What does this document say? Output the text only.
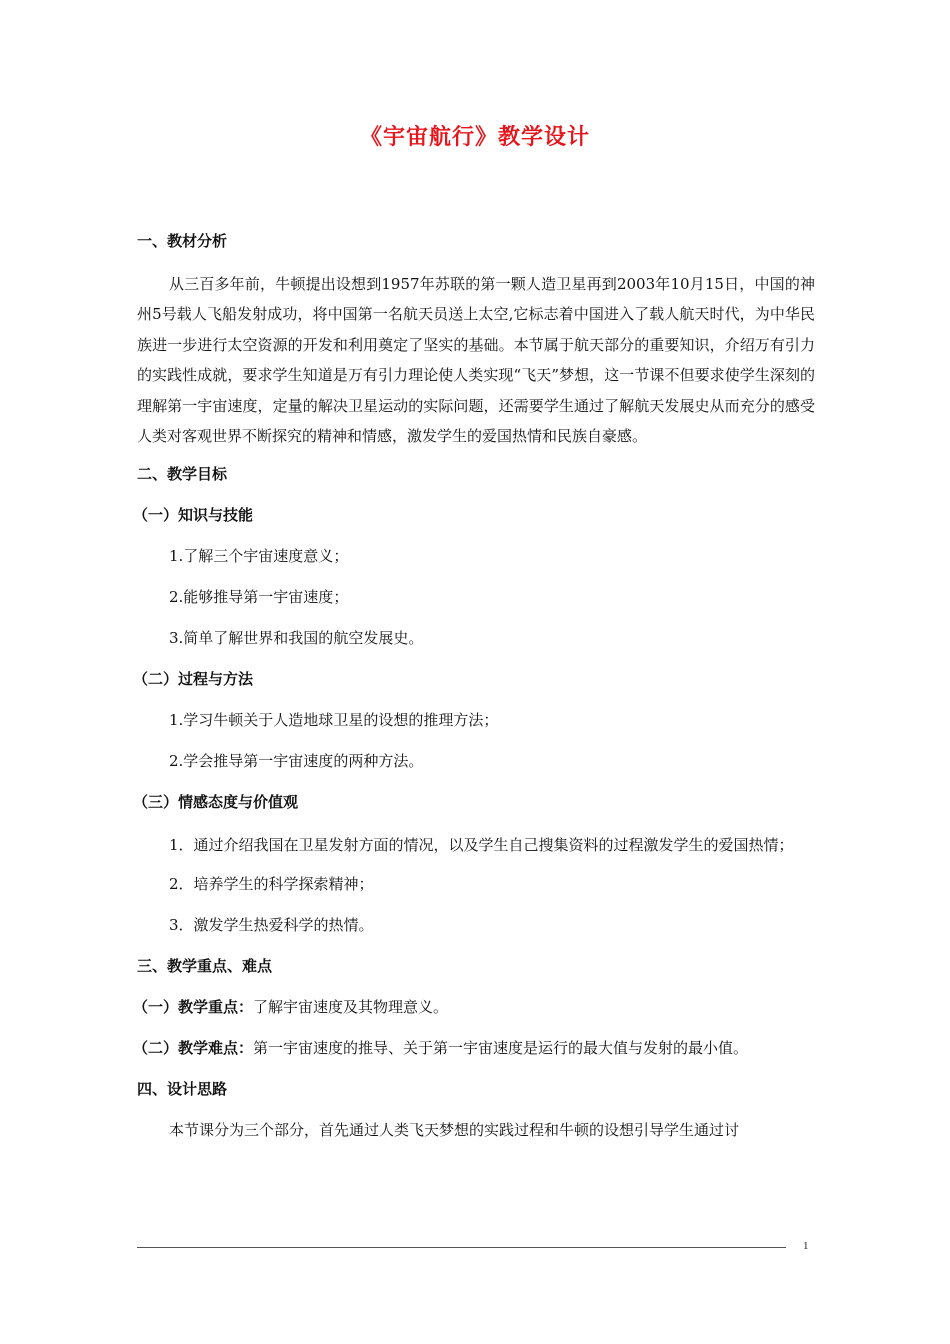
《宇宙航行》教学设计
一、教材分析
从三百多年前，牛顿提出设想到1957年苏联的第一颗人造卫星再到2003年10月15日，中国的神州5号载人飞船发射成功，将中国第一名航天员送上太空,它标志着中国进入了载人航天时代，为中华民族进一步进行太空资源的开发和利用奠定了坚实的基础。本节属于航天部分的重要知识，介绍万有引力的实践性成就，要求学生知道是万有引力理论使人类实现“飞天”梦想，这一节课不但要求使学生深刻的理解第一宇宙速度，定量的解决卫星运动的实际问题，还需要学生通过了解航天发展史从而充分的感受人类对客观世界不断探究的精神和情感，激发学生的爱国热情和民族自豪感。
二、教学目标
（一）知识与技能
1.了解三个宇宙速度意义；
2.能够推导第一宇宙速度；
3.简单了解世界和我国的航空发展史。
（二）过程与方法
1.学习牛顿关于人造地球卫星的设想的推理方法；
2.学会推导第一宇宙速度的两种方法。
（三）情感态度与价值观
1．通过介绍我国在卫星发射方面的情况，以及学生自己搜集资料的过程激发学生的爱国热情；
2．培养学生的科学探索精神；
3．激发学生热爱科学的热情。
三、教学重点、难点
（一）教学重点：了解宇宙速度及其物理意义。
（二）教学难点：第一宇宙速度的推导、关于第一宇宙速度是运行的最大值与发射的最小值。
四、设计思路
本节课分为三个部分，首先通过人类飞天梦想的实践过程和牛顿的设想引导学生通过讨
1
